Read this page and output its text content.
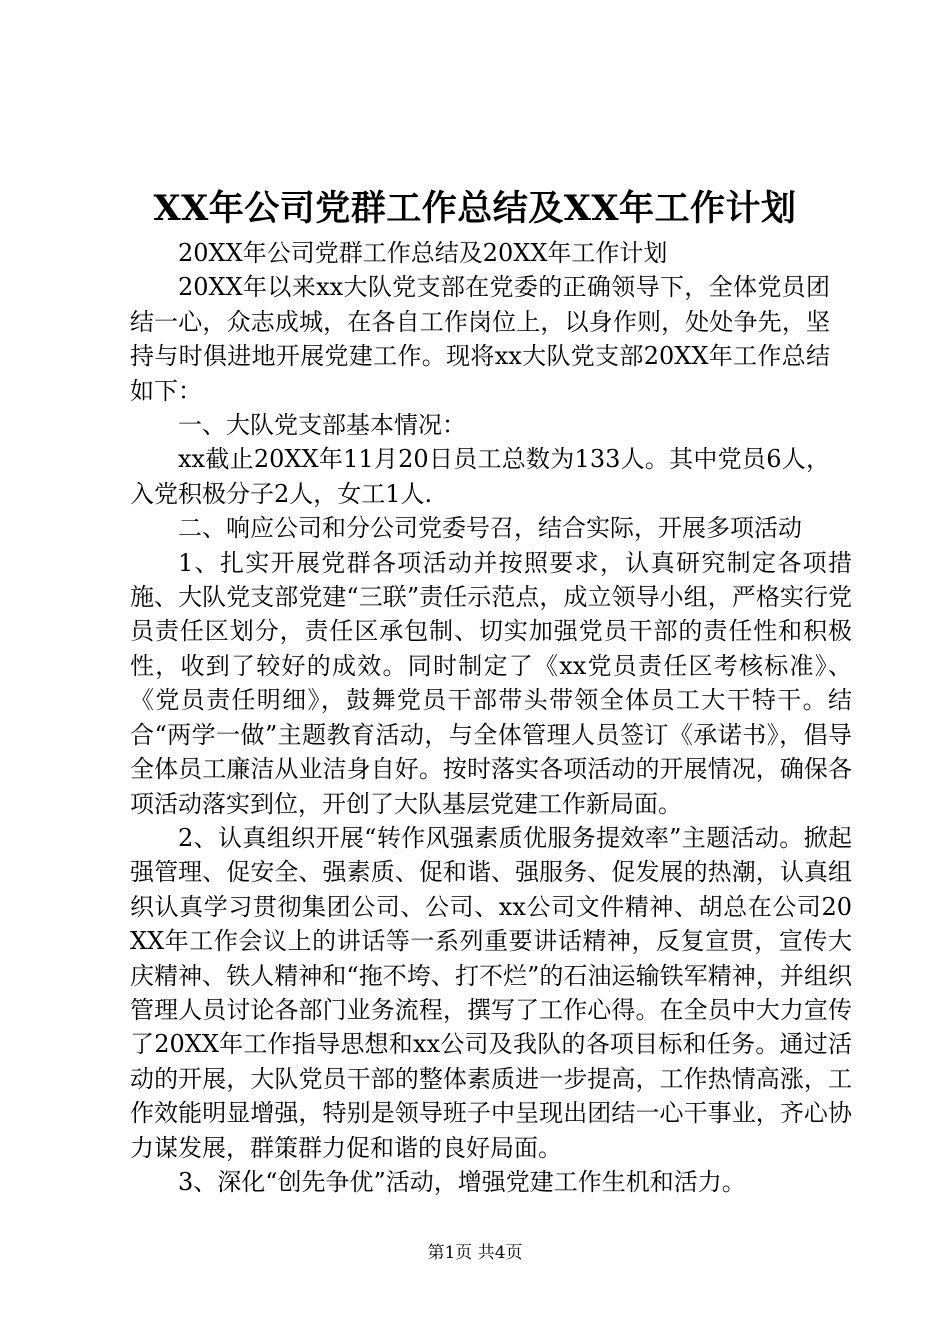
XX年公司党群工作总结及XX年工作计划

20XX年公司党群工作总结及20XX年工作计划

20XX年以来xx大队党支部在党委的正确领导下，全体党员团结一心，众志成城，在各自工作岗位上，以身作则，处处争先，坚持与时俱进地开展党建工作。现将xx大队党支部20XX年工作总结如下：

一、大队党支部基本情况：

xx截止20XX年11月20日员工总数为133人。其中党员6人，入党积极分子2人，女工1人.

二、响应公司和分公司党委号召，结合实际，开展多项活动

1、扎实开展党群各项活动并按照要求，认真研究制定各项措施、大队党支部党建“三联”责任示范点，成立领导小组，严格实行党员责任区划分，责任区承包制、切实加强党员干部的责任性和积极性，收到了较好的成效。同时制定了《xx党员责任区考核标准》、《党员责任明细》，鼓舞党员干部带头带领全体员工大干特干。结合“两学一做”主题教育活动，与全体管理人员签订《承诺书》，倡导全体员工廉洁从业洁身自好。按时落实各项活动的开展情况，确保各项活动落实到位，开创了大队基层党建工作新局面。

2、认真组织开展“转作风强素质优服务提效率”主题活动。掀起强管理、促安全、强素质、促和谐、强服务、促发展的热潮，认真组织认真学习贯彻集团公司、公司、xx公司文件精神、胡总在公司20XX年工作会议上的讲话等一系列重要讲话精神，反复宣贯，宣传大庆精神、铁人精神和“拖不垮、打不烂”的石油运输铁军精神，并组织管理人员讨论各部门业务流程，撰写了工作心得。在全员中大力宣传了20XX年工作指导思想和xx公司及我队的各项目标和任务。通过活动的开展，大队党员干部的整体素质进一步提高，工作热情高涨，工作效能明显增强，特别是领导班子中呈现出团结一心干事业，齐心协力谋发展，群策群力促和谐的良好局面。

3、深化“创先争优”活动，增强党建工作生机和活力。

第1页 共4页
